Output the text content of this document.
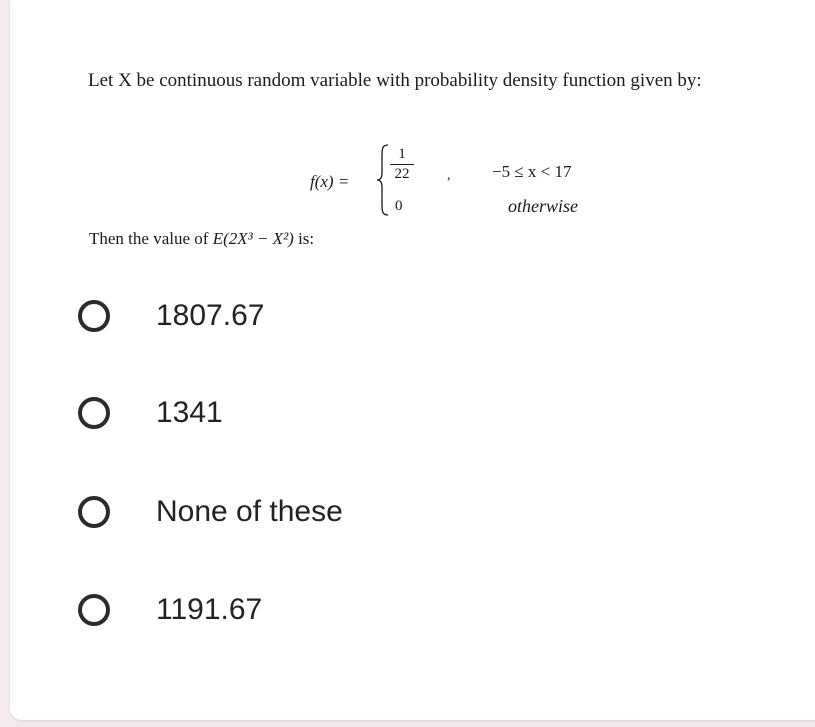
Let X be continuous random variable with probability density function given by:
f(x) =
1
22
0
, −5 ≤ x < 17
otherwise
Then the value of E(2X³ − X²) is:
1807.67
1341
None of these
1191.67
